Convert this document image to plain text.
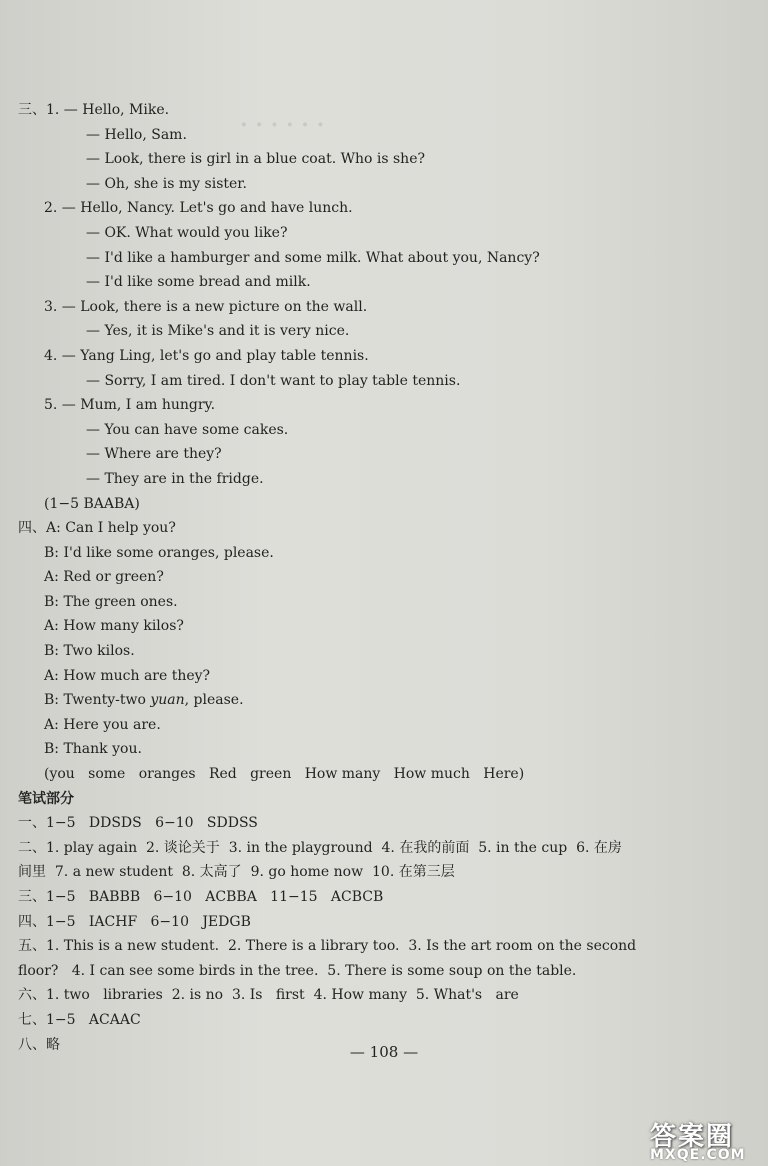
· · · · · ·
三、1. — Hello, Mike.
— Hello, Sam.
— Look, there is girl in a blue coat. Who is she?
— Oh, she is my sister.
2. — Hello, Nancy. Let's go and have lunch.
— OK. What would you like?
— I'd like a hamburger and some milk. What about you, Nancy?
— I'd like some bread and milk.
3. — Look, there is a new picture on the wall.
— Yes, it is Mike's and it is very nice.
4. — Yang Ling, let's go and play table tennis.
— Sorry, I am tired. I don't want to play table tennis.
5. — Mum, I am hungry.
— You can have some cakes.
— Where are they?
— They are in the fridge.
(1−5 BAABA)
四、A: Can I help you?
B: I'd like some oranges, please.
A: Red or green?
B: The green ones.
A: How many kilos?
B: Two kilos.
A: How much are they?
B: Twenty-two yuan, please.
A: Here you are.
B: Thank you.
(you   some   oranges   Red   green   How many   How much   Here)
笔试部分
一、1−5   DDSDS   6−10   SDDSS
二、1. play again  2. 谈论关于  3. in the playground  4. 在我的前面  5. in the cup  6. 在房
间里  7. a new student  8. 太高了  9. go home now  10. 在第三层
三、1−5   BABBB   6−10   ACBBA   11−15   ACBCB
四、1−5   IACHF   6−10   JEDGB
五、1. This is a new student.  2. There is a library too.  3. Is the art room on the second
floor?   4. I can see some birds in the tree.  5. There is some soup on the table.
六、1. two   libraries  2. is no  3. Is   first  4. How many  5. What's   are
七、1−5   ACAAC
八、略	— 108 —
答案圈
MXQE.COM
